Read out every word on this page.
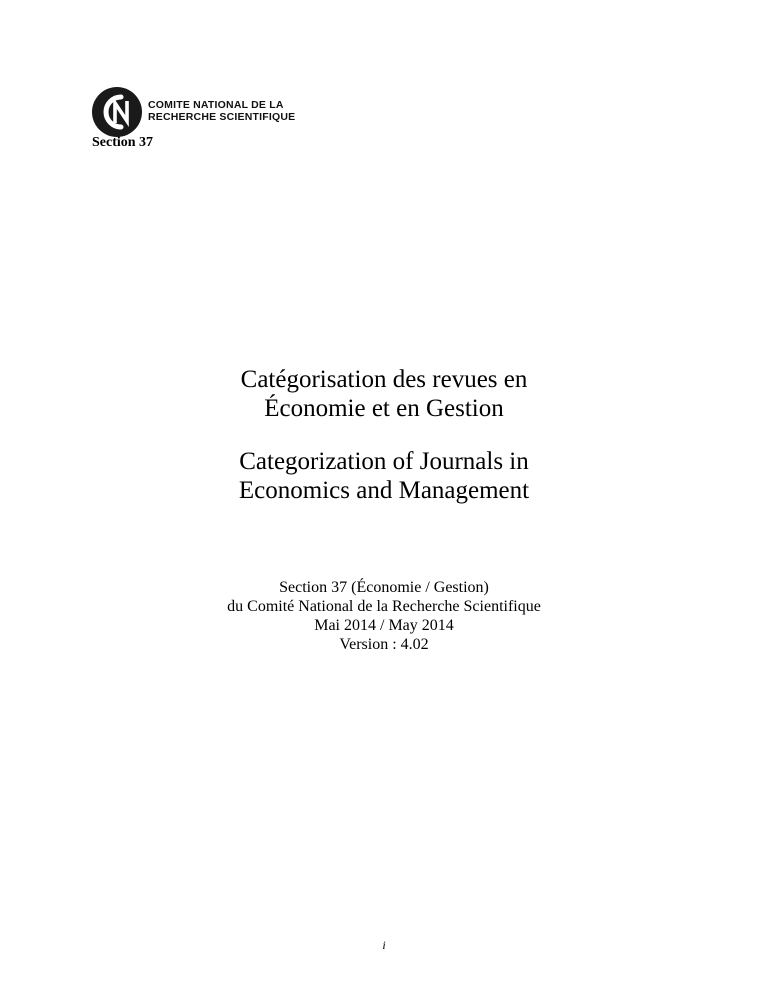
COMITE NATIONAL DE LA
RECHERCHE SCIENTIFIQUE
Section 37
Catégorisation des revues en
Économie et en Gestion
Categorization of Journals in
Economics and Management
Section 37 (Économie / Gestion)
du Comité National de la Recherche Scientifique
Mai 2014 / May 2014
Version : 4.02
i
